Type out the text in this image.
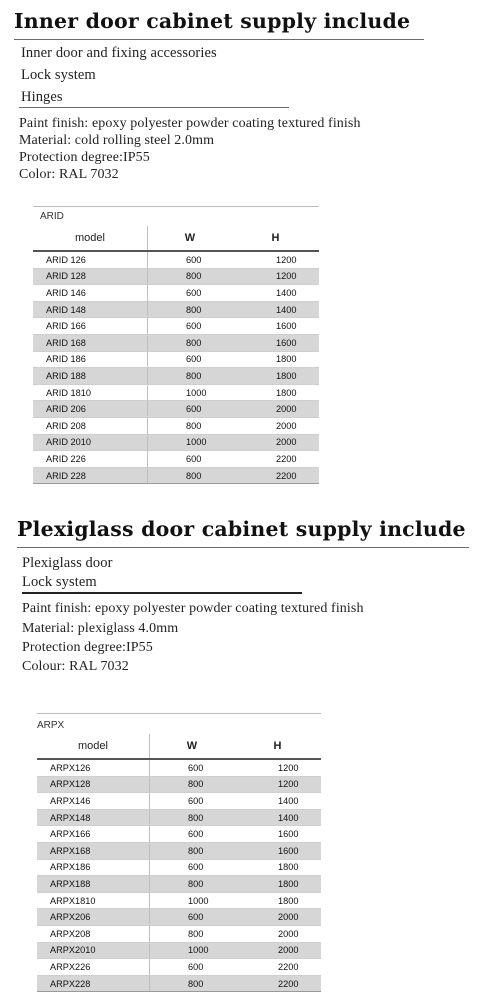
Inner door cabinet supply include
Inner door and fixing accessories
Lock system
Hinges
Paint finish: epoxy polyester powder coating textured finish
Material: cold rolling steel 2.0mm
Protection degree:IP55
Color: RAL 7032
ARID
model	W	H
ARID 126	600	1200
ARID 128	800	1200
ARID 146	600	1400
ARID 148	800	1400
ARID 166	600	1600
ARID 168	800	1600
ARID 186	600	1800
ARID 188	800	1800
ARID 1810	1000	1800
ARID 206	600	2000
ARID 208	800	2000
ARID 2010	1000	2000
ARID 226	600	2200
ARID 228	800	2200
Plexiglass door cabinet supply include
Plexiglass door
Lock system
Paint finish: epoxy polyester powder coating textured finish
Material: plexiglass 4.0mm
Protection degree:IP55
Colour: RAL 7032
ARPX
model	W	H
ARPX126	600	1200
ARPX128	800	1200
ARPX146	600	1400
ARPX148	800	1400
ARPX166	600	1600
ARPX168	800	1600
ARPX186	600	1800
ARPX188	800	1800
ARPX1810	1000	1800
ARPX206	600	2000
ARPX208	800	2000
ARPX2010	1000	2000
ARPX226	600	2200
ARPX228	800	2200
